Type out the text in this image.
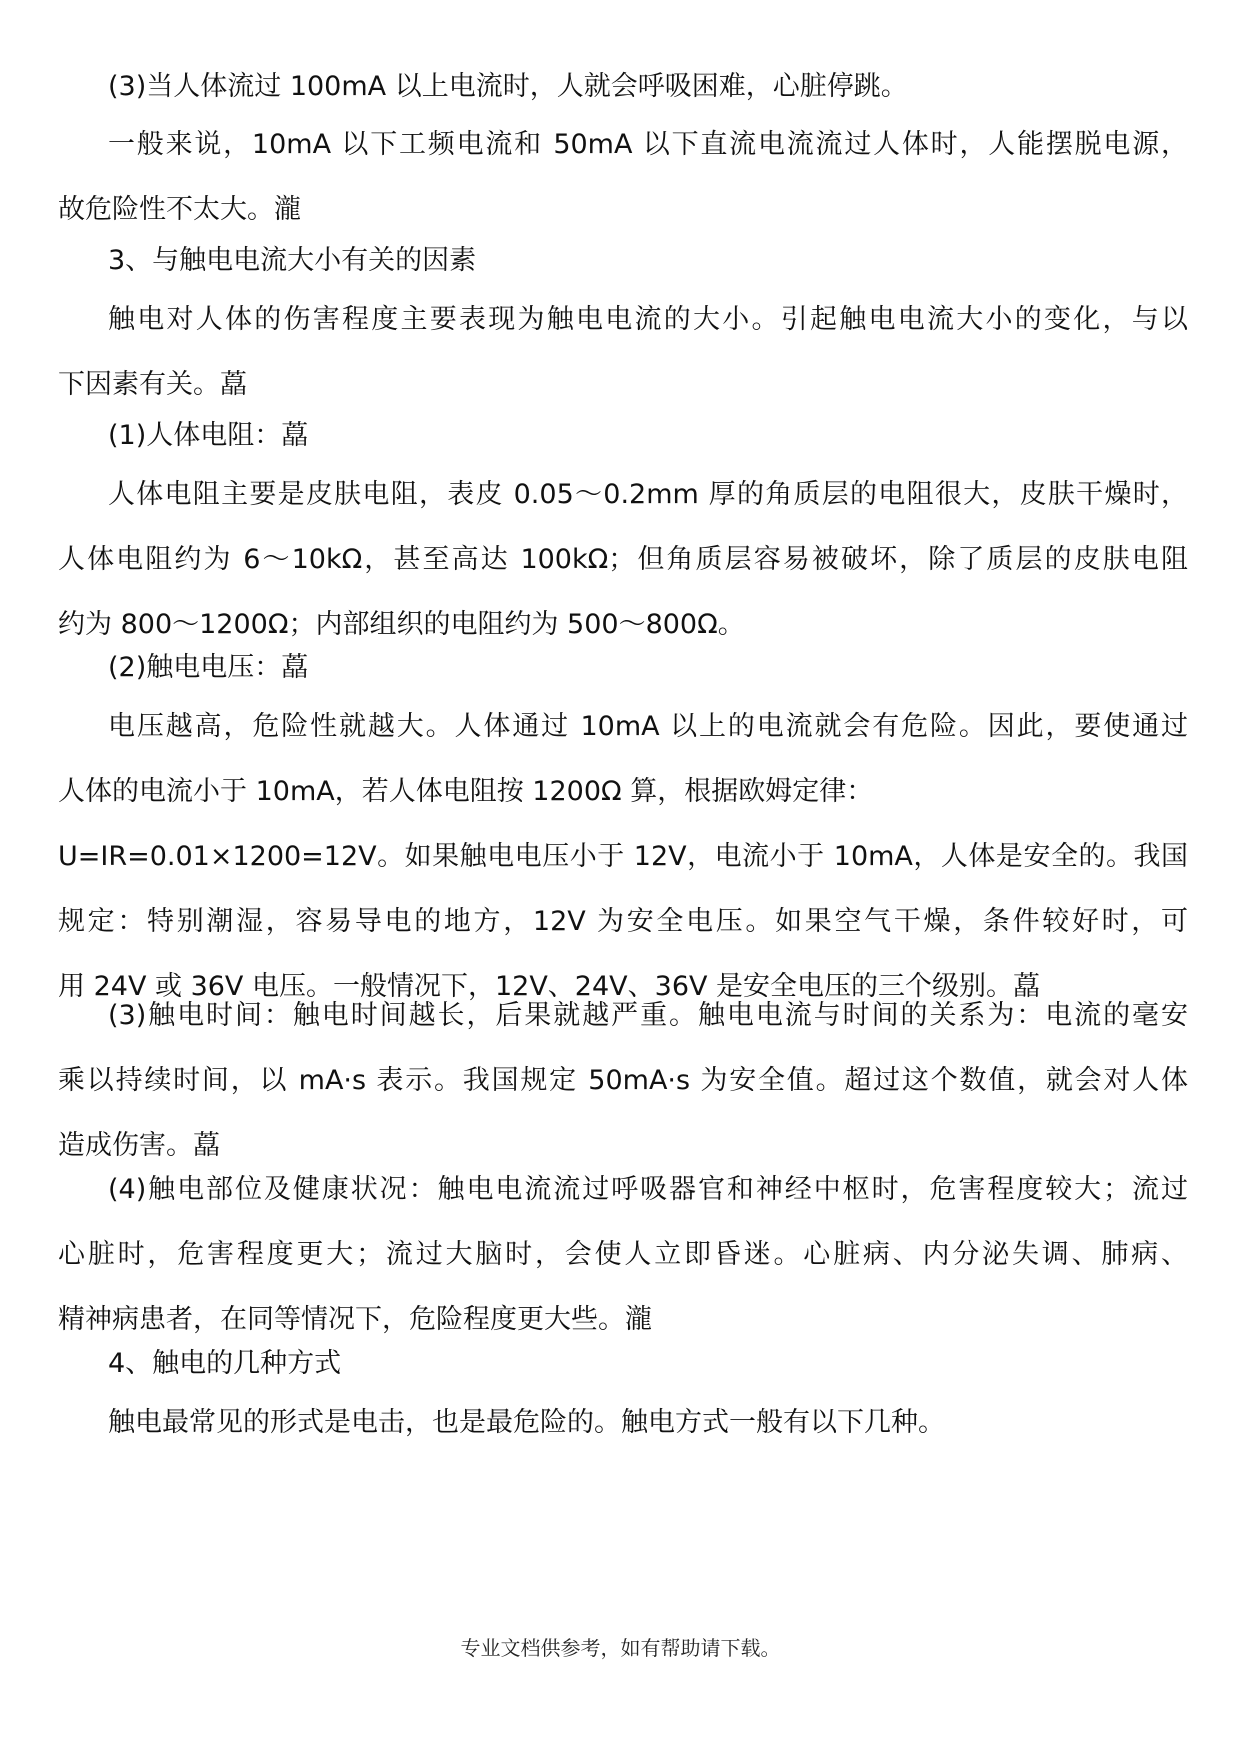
(3)当人体流过 100mA 以上电流时，人就会呼吸困难，心脏停跳。

一般来说，10mA 以下工频电流和 50mA 以下直流电流流过人体时，人能摆脱电源，
故危险性不太大。瀧

3、与触电电流大小有关的因素

触电对人体的伤害程度主要表现为触电电流的大小。引起触电电流大小的变化，与以
下因素有关。藠

(1)人体电阻：藠

人体电阻主要是皮肤电阻，表皮 0.05～0.2mm 厚的角质层的电阻很大，皮肤干燥时，
人体电阻约为 6～10kΩ，甚至高达 100kΩ；但角质层容易被破坏，除了质层的皮肤电阻
约为 800～1200Ω；内部组织的电阻约为 500～800Ω。

(2)触电电压：藠

电压越高，危险性就越大。人体通过 10mA 以上的电流就会有危险。因此，要使通过
人体的电流小于 10mA，若人体电阻按 1200Ω 算，根据欧姆定律：
U=IR=0.01×1200=12V。如果触电电压小于 12V，电流小于 10mA，人体是安全的。我国
规定：特别潮湿，容易导电的地方，12V 为安全电压。如果空气干燥，条件较好时，可
用 24V 或 36V 电压。一般情况下，12V、24V、36V 是安全电压的三个级别。藠

(3)触电时间：触电时间越长，后果就越严重。触电电流与时间的关系为：电流的毫安
乘以持续时间，以 mA·s 表示。我国规定 50mA·s 为安全值。超过这个数值，就会对人体
造成伤害。藠

(4)触电部位及健康状况：触电电流流过呼吸器官和神经中枢时，危害程度较大；流过
心脏时，危害程度更大；流过大脑时，会使人立即昏迷。心脏病、内分泌失调、肺病、
精神病患者，在同等情况下，危险程度更大些。瀧

4、触电的几种方式

触电最常见的形式是电击，也是最危险的。触电方式一般有以下几种。

专业文档供参考，如有帮助请下载。
